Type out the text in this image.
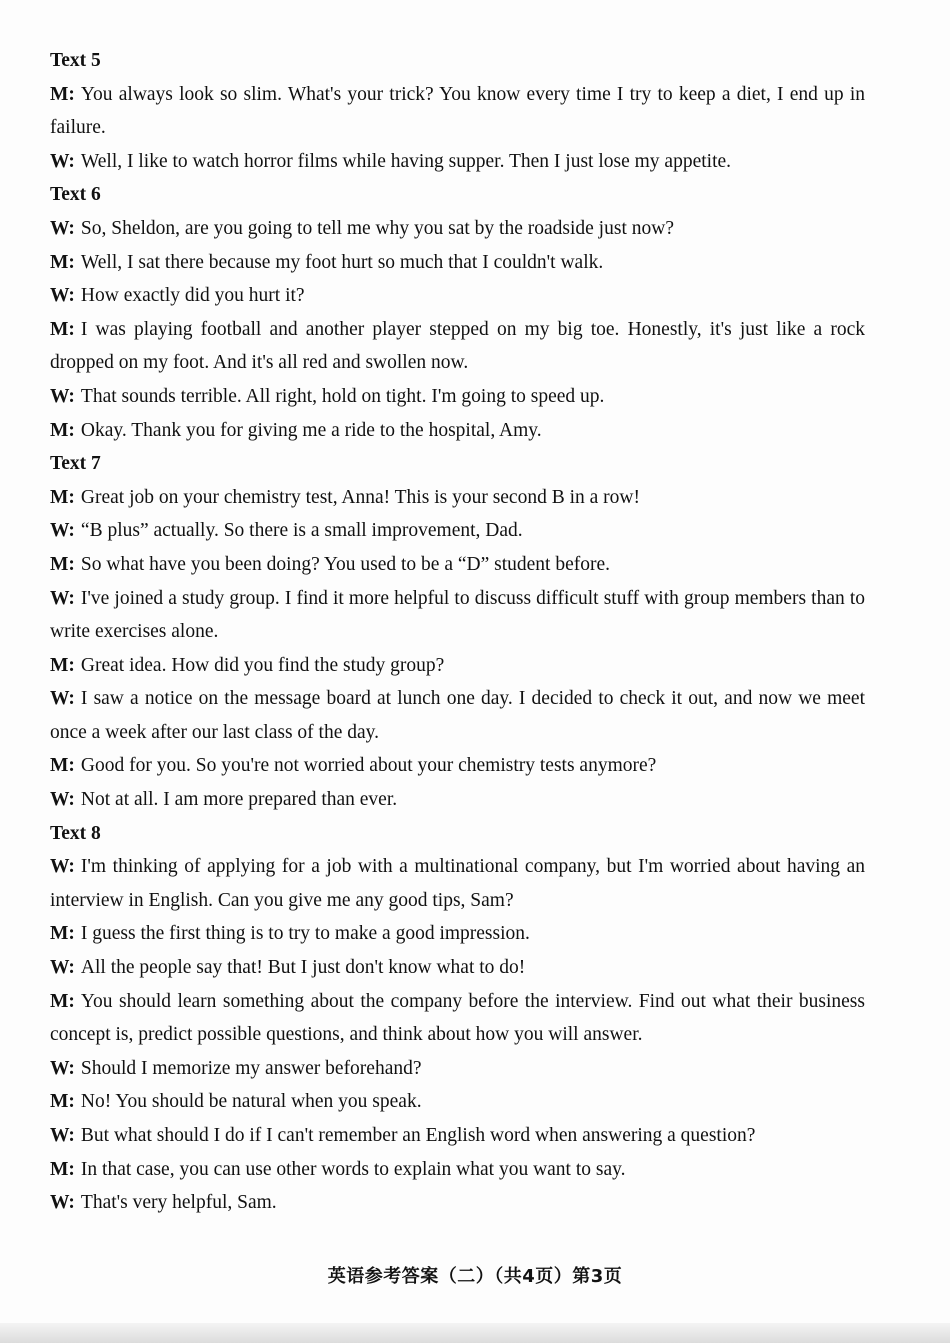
Text 5
M: You always look so slim. What's your trick? You know every time I try to keep a diet, I end up in failure.
W: Well, I like to watch horror films while having supper. Then I just lose my appetite.
Text 6
W: So, Sheldon, are you going to tell me why you sat by the roadside just now?
M: Well, I sat there because my foot hurt so much that I couldn't walk.
W: How exactly did you hurt it?
M: I was playing football and another player stepped on my big toe. Honestly, it's just like a rock dropped on my foot. And it's all red and swollen now.
W: That sounds terrible. All right, hold on tight. I'm going to speed up.
M: Okay. Thank you for giving me a ride to the hospital, Amy.
Text 7
M: Great job on your chemistry test, Anna! This is your second B in a row!
W: “B plus” actually. So there is a small improvement, Dad.
M: So what have you been doing? You used to be a “D” student before.
W: I've joined a study group. I find it more helpful to discuss difficult stuff with group members than to write exercises alone.
M: Great idea. How did you find the study group?
W: I saw a notice on the message board at lunch one day. I decided to check it out, and now we meet once a week after our last class of the day.
M: Good for you. So you're not worried about your chemistry tests anymore?
W: Not at all. I am more prepared than ever.
Text 8
W: I'm thinking of applying for a job with a multinational company, but I'm worried about having an interview in English. Can you give me any good tips, Sam?
M: I guess the first thing is to try to make a good impression.
W: All the people say that! But I just don't know what to do!
M: You should learn something about the company before the interview. Find out what their business concept is, predict possible questions, and think about how you will answer.
W: Should I memorize my answer beforehand?
M: No! You should be natural when you speak.
W: But what should I do if I can't remember an English word when answering a question?
M: In that case, you can use other words to explain what you want to say.
W: That's very helpful, Sam.
英语参考答案（二）（共4页）第3页
